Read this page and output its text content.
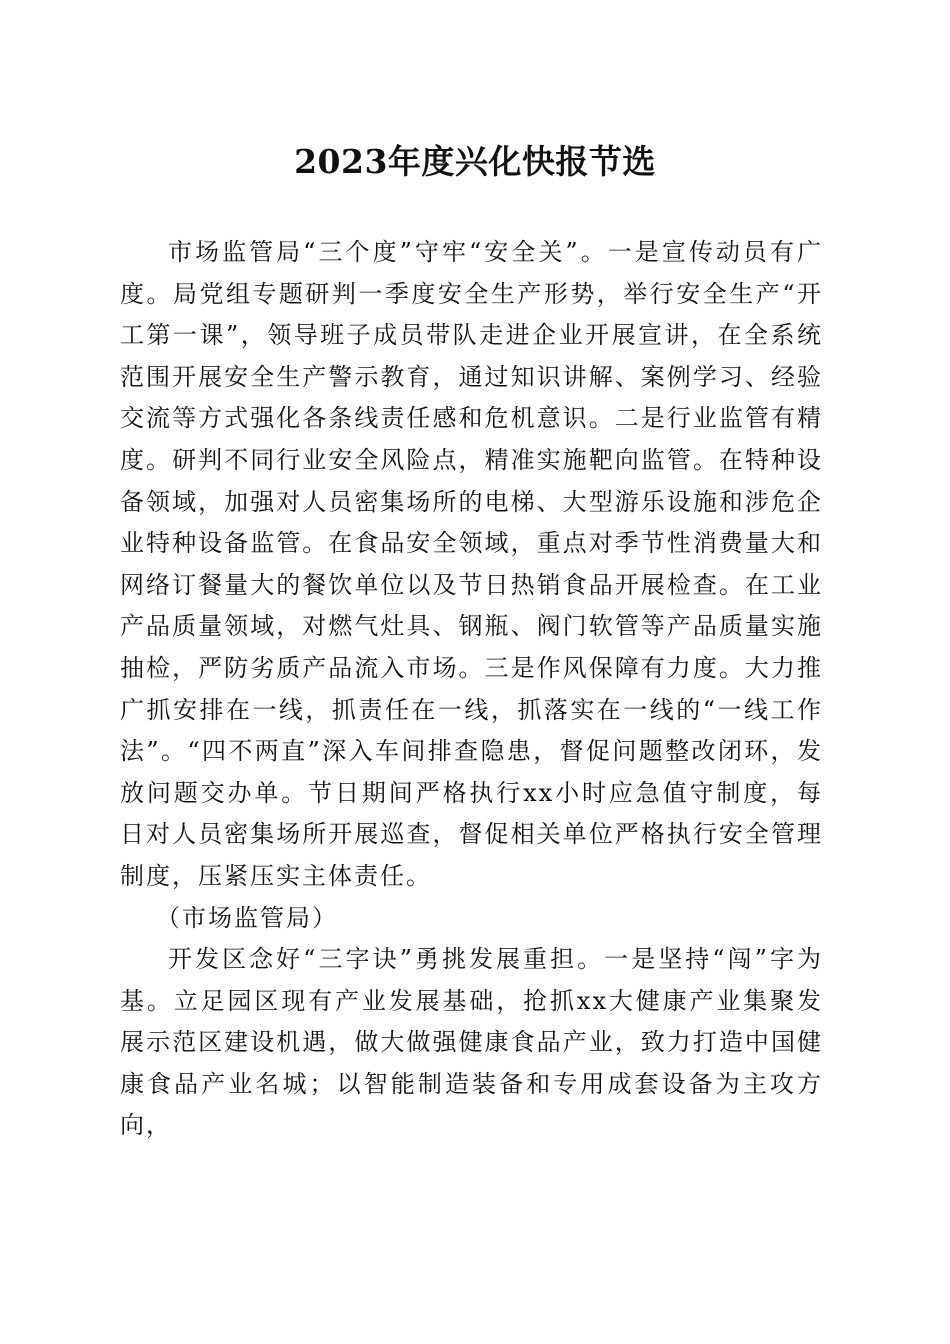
2023年度兴化快报节选

市场监管局“三个度”守牢“安全关”。一是宣传动员有广度。局党组专题研判一季度安全生产形势，举行安全生产“开工第一课”，领导班子成员带队走进企业开展宣讲，在全系统范围开展安全生产警示教育，通过知识讲解、案例学习、经验交流等方式强化各条线责任感和危机意识。二是行业监管有精度。研判不同行业安全风险点，精准实施靶向监管。在特种设备领域，加强对人员密集场所的电梯、大型游乐设施和涉危企业特种设备监管。在食品安全领域，重点对季节性消费量大和网络订餐量大的餐饮单位以及节日热销食品开展检查。在工业产品质量领域，对燃气灶具、钢瓶、阀门软管等产品质量实施抽检，严防劣质产品流入市场。三是作风保障有力度。大力推广抓安排在一线，抓责任在一线，抓落实在一线的“一线工作法”。“四不两直”深入车间排查隐患，督促问题整改闭环，发放问题交办单。节日期间严格执行xx小时应急值守制度，每日对人员密集场所开展巡查，督促相关单位严格执行安全管理制度，压紧压实主体责任。

（市场监管局）

开发区念好“三字诀”勇挑发展重担。一是坚持“闯”字为基。立足园区现有产业发展基础，抢抓xx大健康产业集聚发展示范区建设机遇，做大做强健康食品产业，致力打造中国健康食品产业名城；以智能制造装备和专用成套设备为主攻方向，
